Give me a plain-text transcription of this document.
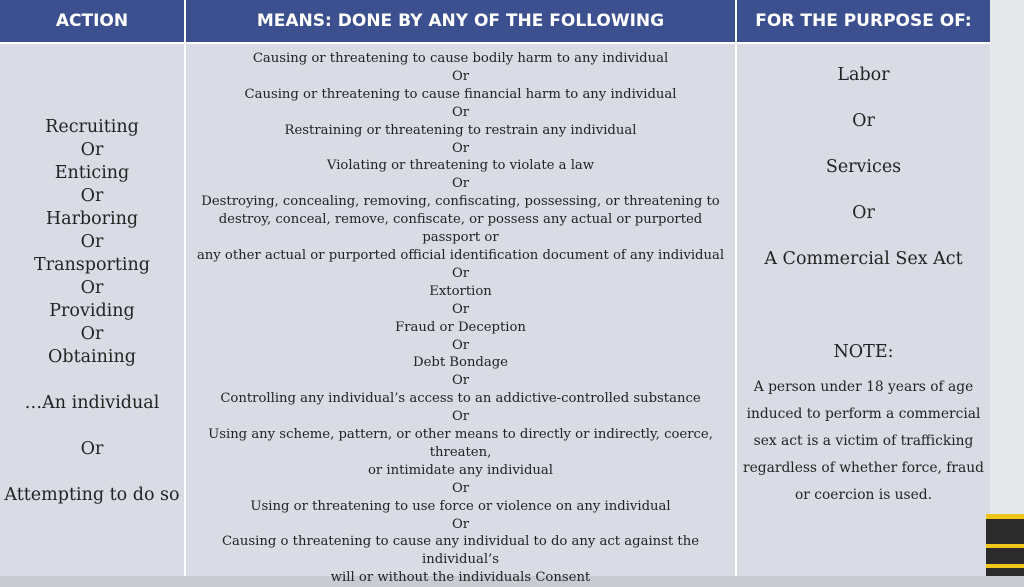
ACTION	MEANS: DONE BY ANY OF THE FOLLOWING	FOR THE PURPOSE OF:
Recruiting
Or
Enticing
Or
Harboring
Or
Transporting
Or
Providing
Or
Obtaining
…An individual
Or
Attempting to do so
Causing or threatening to cause bodily harm to any individual
Or
Causing or threatening to cause financial harm to any individual
Or
Restraining or threatening to restrain any individual
Or
Violating or threatening to violate a law
Or
Destroying, concealing, removing, confiscating, possessing, or threatening to
destroy, conceal, remove, confiscate, or possess any actual or purported passport or
any other actual or purported official identification document of any individual
Or
Extortion
Or
Fraud or Deception
Or
Debt Bondage
Or
Controlling any individual’s access to an addictive-controlled substance
Or
Using any scheme, pattern, or other means to directly or indirectly, coerce, threaten,
or intimidate any individual
Or
Using or threatening to use force or violence on any individual
Or
Causing o threatening to cause any individual to do any act against the individual’s
will or without the individuals Consent
Labor
Or
Services
Or
A Commercial Sex Act
NOTE:
A person under 18 years of age induced to perform a commercial sex act is a victim of trafficking regardless of whether force, fraud or coercion is used.
